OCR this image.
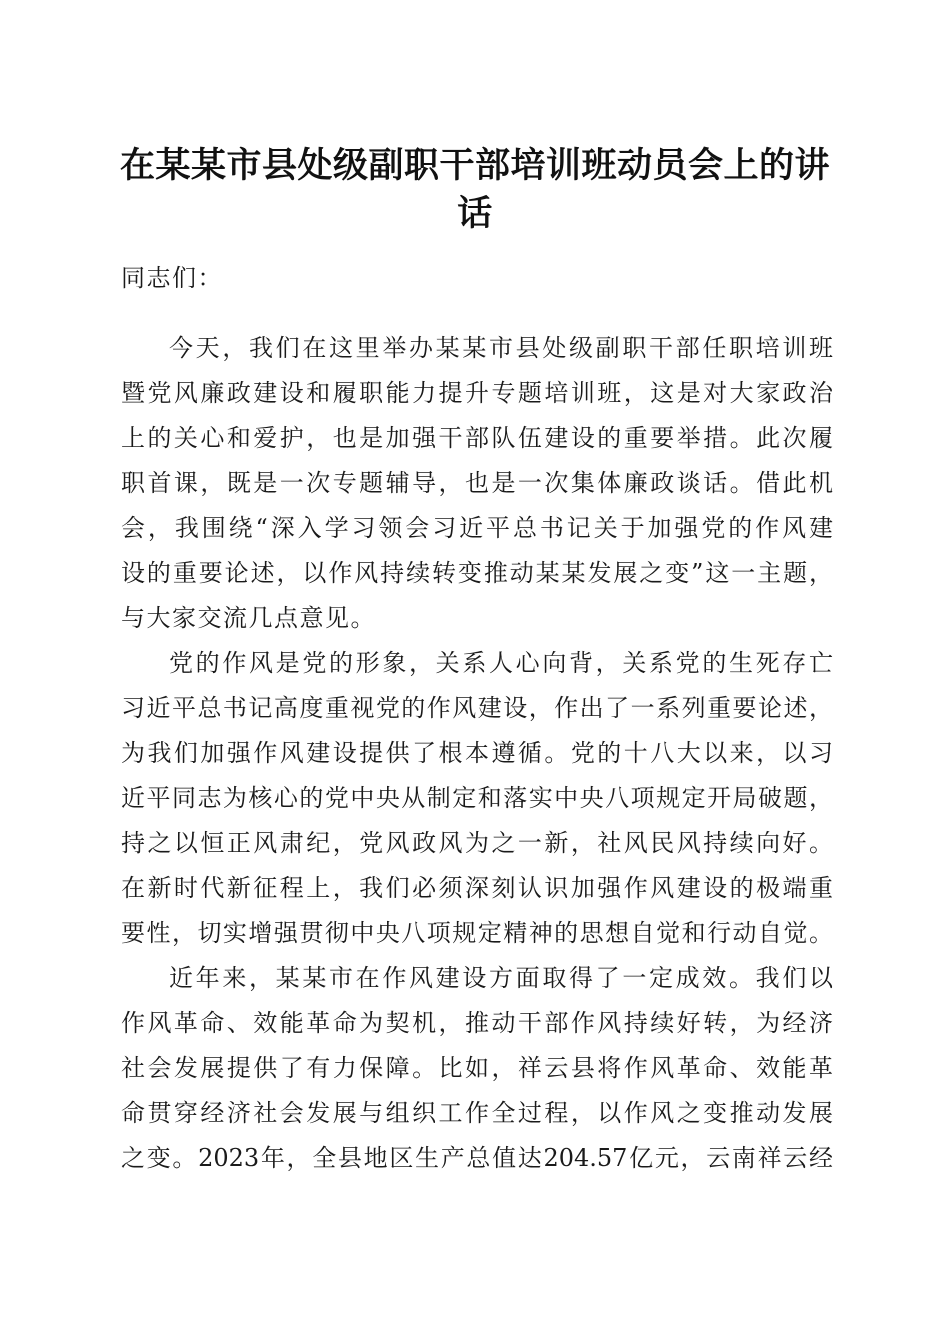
在某某市县处级副职干部培训班动员会上的讲
话
同志们：
今天，我们在这里举办某某市县处级副职干部任职培训班
暨党风廉政建设和履职能力提升专题培训班，这是对大家政治
上的关心和爱护，也是加强干部队伍建设的重要举措。此次履
职首课，既是一次专题辅导，也是一次集体廉政谈话。借此机
会，我围绕“深入学习领会习近平总书记关于加强党的作风建
设的重要论述，以作风持续转变推动某某发展之变”这一主题，
与大家交流几点意见。
党的作风是党的形象，关系人心向背，关系党的生死存亡
习近平总书记高度重视党的作风建设，作出了一系列重要论述，
为我们加强作风建设提供了根本遵循。党的十八大以来，以习
近平同志为核心的党中央从制定和落实中央八项规定开局破题，
持之以恒正风肃纪，党风政风为之一新，社风民风持续向好。
在新时代新征程上，我们必须深刻认识加强作风建设的极端重
要性，切实增强贯彻中央八项规定精神的思想自觉和行动自觉。
近年来，某某市在作风建设方面取得了一定成效。我们以
作风革命、效能革命为契机，推动干部作风持续好转，为经济
社会发展提供了有力保障。比如，祥云县将作风革命、效能革
命贯穿经济社会发展与组织工作全过程，以作风之变推动发展
之变。2023年，全县地区生产总值达204.57亿元，云南祥云经
